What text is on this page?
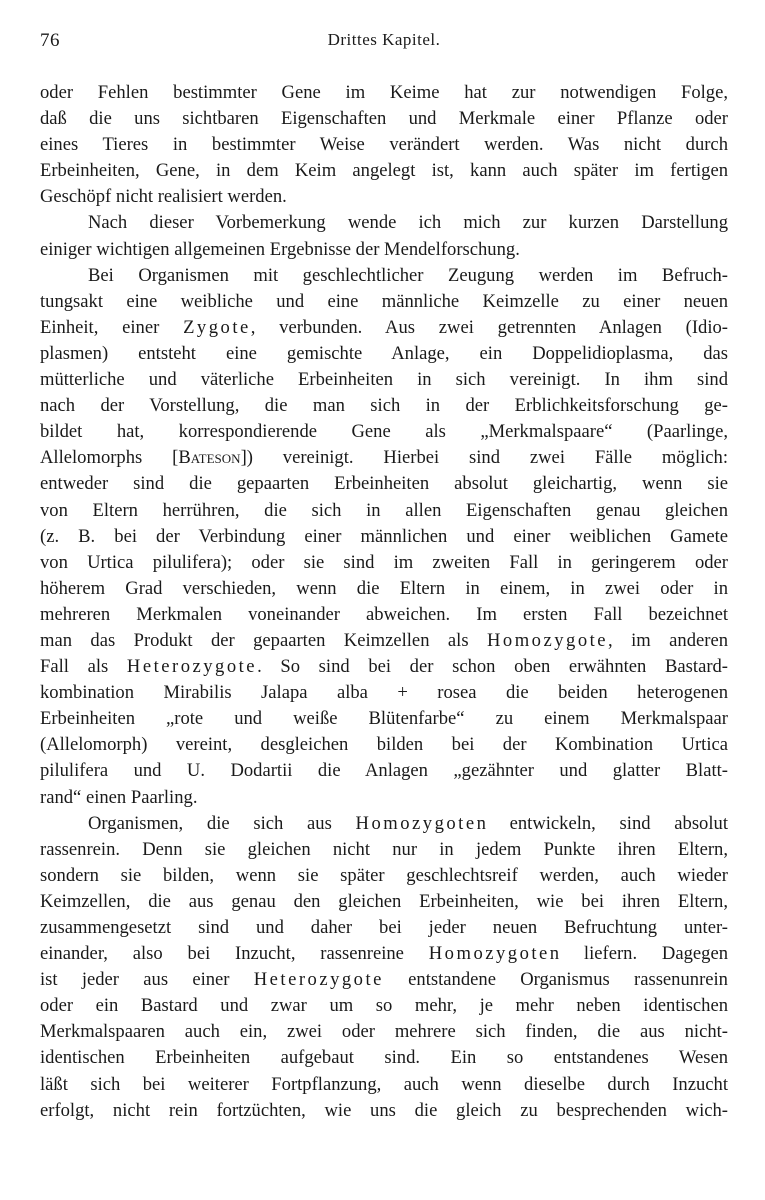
76	Drittes Kapitel.
oder Fehlen bestimmter Gene im Keime hat zur notwendigen Folge,
daß die uns sichtbaren Eigenschaften und Merkmale einer Pflanze oder
eines Tieres in bestimmter Weise verändert werden. Was nicht durch
Erbeinheiten, Gene, in dem Keim angelegt ist, kann auch später im fertigen
Geschöpf nicht realisiert werden.
Nach dieser Vorbemerkung wende ich mich zur kurzen Darstellung
einiger wichtigen allgemeinen Ergebnisse der Mendelforschung.
Bei Organismen mit geschlechtlicher Zeugung werden im Befruch-
tungsakt eine weibliche und eine männliche Keimzelle zu einer neuen
Einheit, einer Zygote, verbunden. Aus zwei getrennten Anlagen (Idio-
plasmen) entsteht eine gemischte Anlage, ein Doppelidioplasma, das
mütterliche und väterliche Erbeinheiten in sich vereinigt. In ihm sind
nach der Vorstellung, die man sich in der Erblichkeitsforschung ge-
bildet hat, korrespondierende Gene als „Merkmalspaare“ (Paarlinge,
Allelomorphs [Bateson]) vereinigt. Hierbei sind zwei Fälle möglich:
entweder sind die gepaarten Erbeinheiten absolut gleichartig, wenn sie
von Eltern herrühren, die sich in allen Eigenschaften genau gleichen
(z. B. bei der Verbindung einer männlichen und einer weiblichen Gamete
von Urtica pilulifera); oder sie sind im zweiten Fall in geringerem oder
höherem Grad verschieden, wenn die Eltern in einem, in zwei oder in
mehreren Merkmalen voneinander abweichen. Im ersten Fall bezeichnet
man das Produkt der gepaarten Keimzellen als Homozygote, im anderen
Fall als Heterozygote. So sind bei der schon oben erwähnten Bastard-
kombination Mirabilis Jalapa alba + rosea die beiden heterogenen
Erbeinheiten „rote und weiße Blütenfarbe“ zu einem Merkmalspaar
(Allelomorph) vereint, desgleichen bilden bei der Kombination Urtica
pilulifera und U. Dodartii die Anlagen „gezähnter und glatter Blatt-
rand“ einen Paarling.
Organismen, die sich aus Homozygoten entwickeln, sind absolut
rassenrein. Denn sie gleichen nicht nur in jedem Punkte ihren Eltern,
sondern sie bilden, wenn sie später geschlechtsreif werden, auch wieder
Keimzellen, die aus genau den gleichen Erbeinheiten, wie bei ihren Eltern,
zusammengesetzt sind und daher bei jeder neuen Befruchtung unter-
einander, also bei Inzucht, rassenreine Homozygoten liefern. Dagegen
ist jeder aus einer Heterozygote entstandene Organismus rassenunrein
oder ein Bastard und zwar um so mehr, je mehr neben identischen
Merkmalspaaren auch ein, zwei oder mehrere sich finden, die aus nicht-
identischen Erbeinheiten aufgebaut sind. Ein so entstandenes Wesen
läßt sich bei weiterer Fortpflanzung, auch wenn dieselbe durch Inzucht
erfolgt, nicht rein fortzüchten, wie uns die gleich zu besprechenden wich-
